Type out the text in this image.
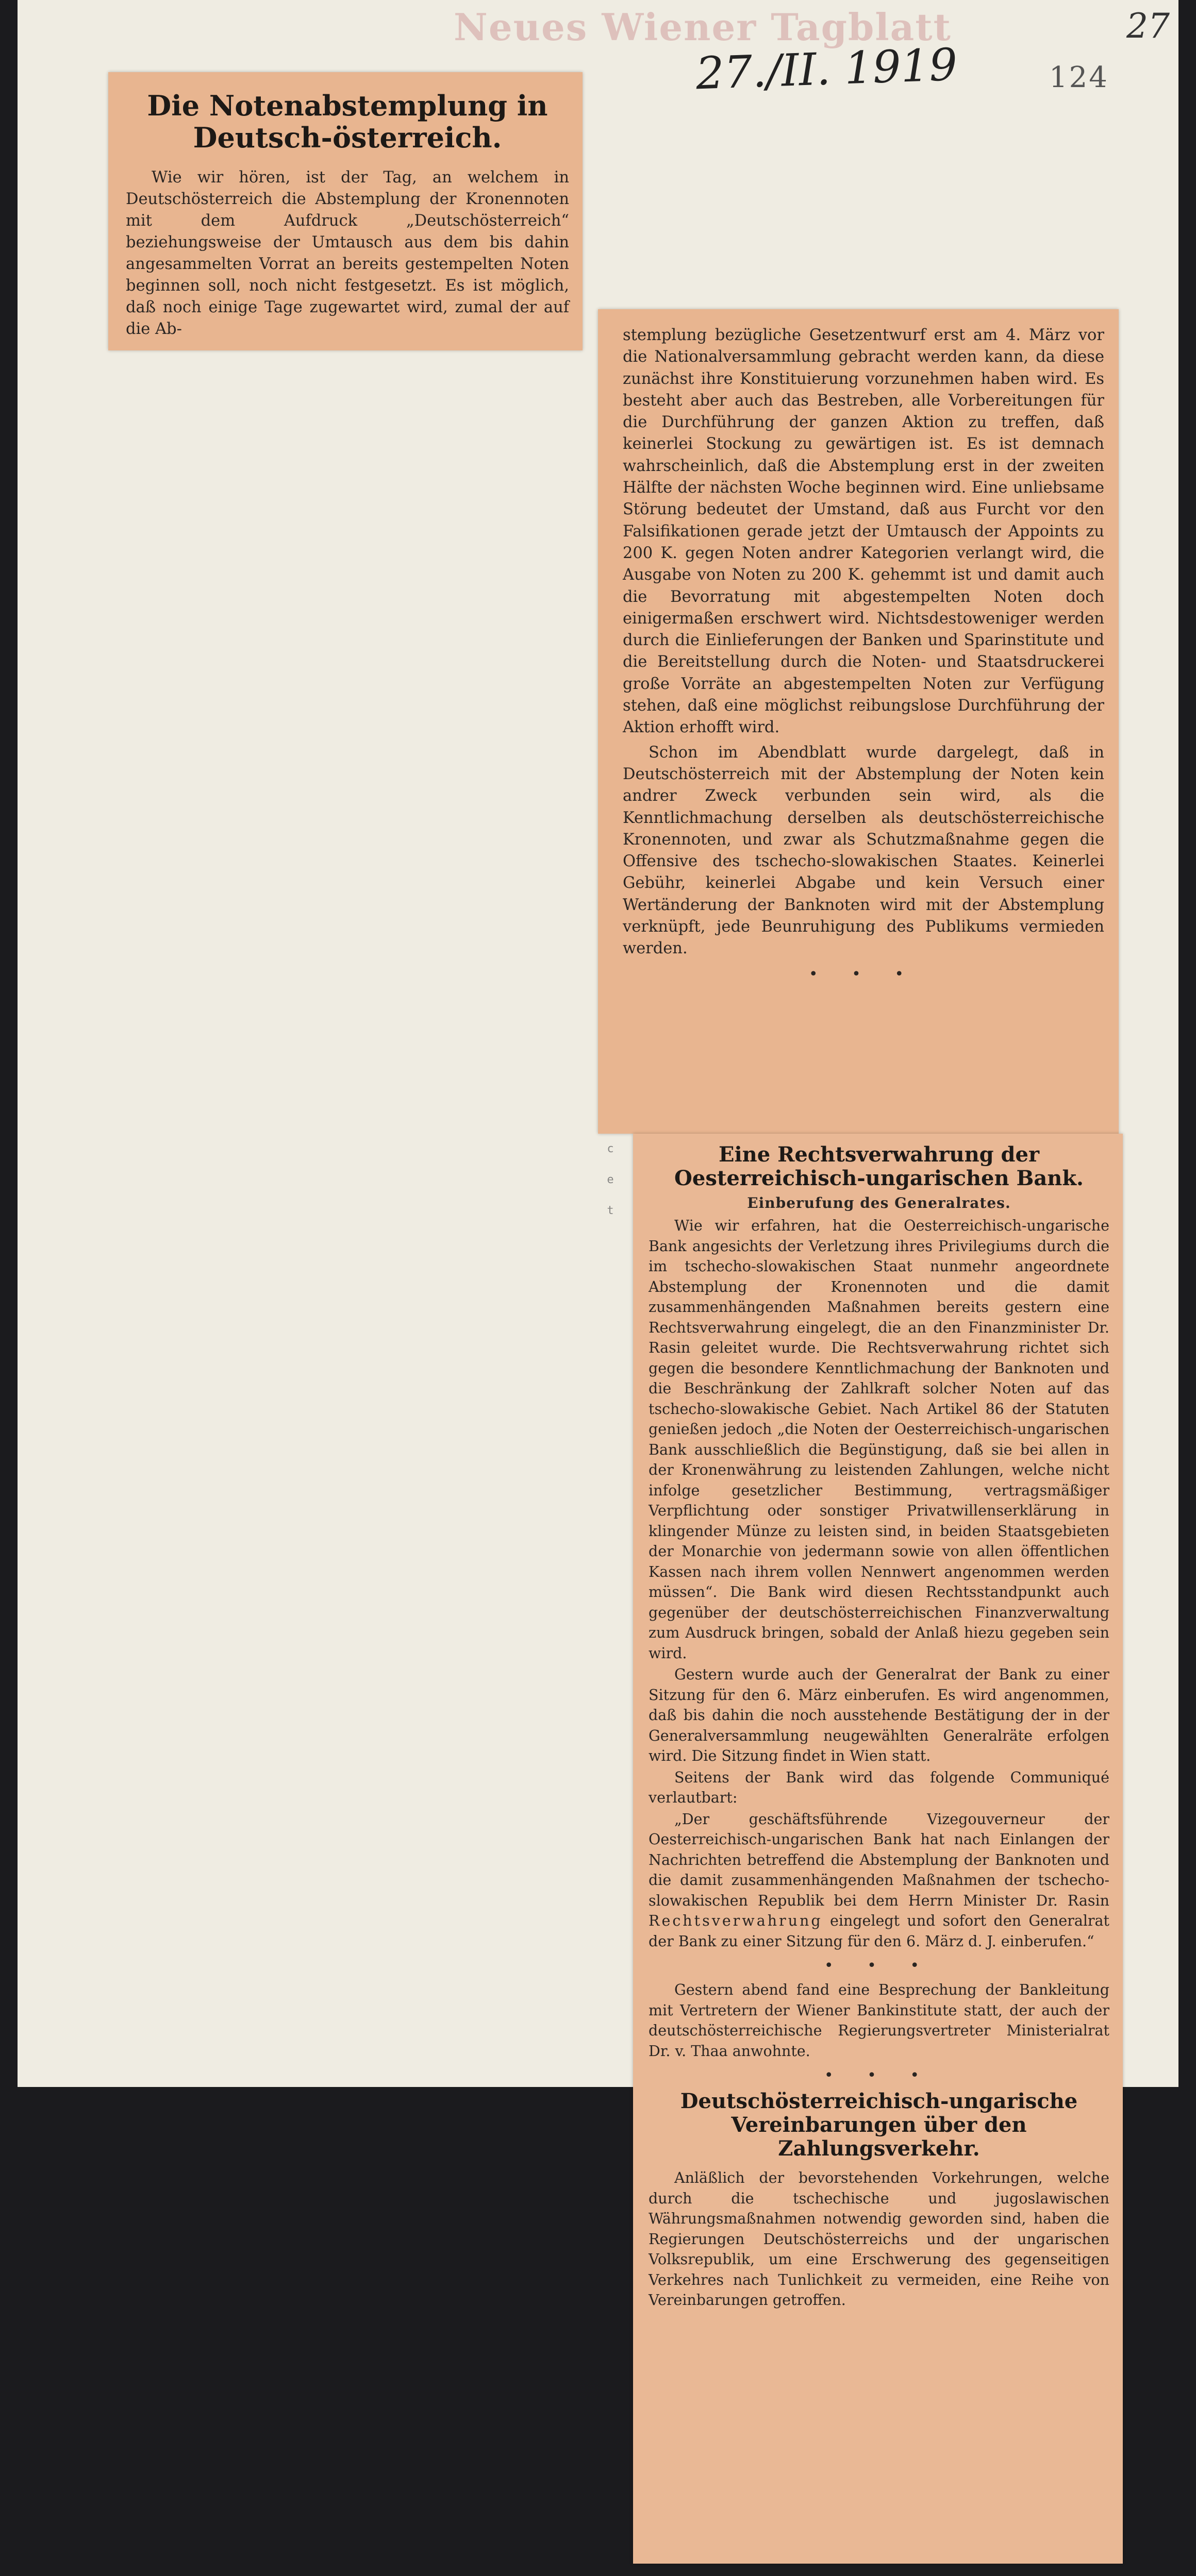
Neues Wiener Tagblatt
27./II. 1919
27
124
c e t
Die Notenabstemplung in Deutsch-österreich.

Wie wir hören, ist der Tag, an welchem in Deutschösterreich die Abstemplung der Kronennoten mit dem Aufdruck „Deutschösterreich“ beziehungsweise der Umtausch aus dem bis dahin angesammelten Vorrat an bereits gestempelten Noten beginnen soll, noch nicht festgesetzt. Es ist möglich, daß noch einige Tage zugewartet wird, zumal der auf die Ab-	stemplung bezügliche Gesetzentwurf erst am 4. März vor die Nationalversammlung gebracht werden kann, da diese zunächst ihre Konstituierung vorzunehmen haben wird. Es besteht aber auch das Bestreben, alle Vorbereitungen für die Durchführung der ganzen Aktion zu treffen, daß keinerlei Stockung zu gewärtigen ist. Es ist demnach wahrscheinlich, daß die Abstemplung erst in der zweiten Hälfte der nächsten Woche beginnen wird. Eine unliebsame Störung bedeutet der Umstand, daß aus Furcht vor den Falsifikationen gerade jetzt der Umtausch der Appoints zu 200 K. gegen Noten andrer Kategorien verlangt wird, die Ausgabe von Noten zu 200 K. gehemmt ist und damit auch die Bevorratung mit abgestempelten Noten doch einigermaßen erschwert wird. Nichtsdestoweniger werden durch die Einlieferungen der Banken und Sparinstitute und die Bereitstellung durch die Noten- und Staatsdruckerei große Vorräte an abgestempelten Noten zur Verfügung stehen, daß eine möglichst reibungslose Durchführung der Aktion erhofft wird.

Schon im Abendblatt wurde dargelegt, daß in Deutschösterreich mit der Abstemplung der Noten kein andrer Zweck verbunden sein wird, als die Kenntlichmachung derselben als deutschösterreichische Kronennoten, und zwar als Schutzmaßnahme gegen die Offensive des tschecho-slowakischen Staates. Keinerlei Gebühr, keinerlei Abgabe und kein Versuch einer Wertänderung der Banknoten wird mit der Abstemplung verknüpft, jede Beunruhigung des Publikums vermieden werden.

• • •
Eine Rechtsverwahrung der Oesterreichisch-ungarischen Bank.
Einberufung des Generalrates.

Wie wir erfahren, hat die Oesterreichisch-ungarische Bank angesichts der Verletzung ihres Privilegiums durch die im tschecho-slowakischen Staat nunmehr angeordnete Abstemplung der Kronennoten und die damit zusammenhängenden Maßnahmen bereits gestern eine Rechtsverwahrung eingelegt, die an den Finanzminister Dr. Rasin geleitet wurde. Die Rechtsverwahrung richtet sich gegen die besondere Kenntlichmachung der Banknoten und die Beschränkung der Zahlkraft solcher Noten auf das tschecho-slowakische Gebiet. Nach Artikel 86 der Statuten genießen jedoch „die Noten der Oesterreichisch-ungarischen Bank ausschließlich die Begünstigung, daß sie bei allen in der Kronenwährung zu leistenden Zahlungen, welche nicht infolge gesetzlicher Bestimmung, vertragsmäßiger Verpflichtung oder sonstiger Privatwillenserklärung in klingender Münze zu leisten sind, in beiden Staatsgebieten der Monarchie von jedermann sowie von allen öffentlichen Kassen nach ihrem vollen Nennwert angenommen werden müssen“. Die Bank wird diesen Rechtsstandpunkt auch gegenüber der deutschösterreichischen Finanzverwaltung zum Ausdruck bringen, sobald der Anlaß hiezu gegeben sein wird.

Gestern wurde auch der Generalrat der Bank zu einer Sitzung für den 6. März einberufen. Es wird angenommen, daß bis dahin die noch ausstehende Bestätigung der in der Generalversammlung neugewählten Generalräte erfolgen wird. Die Sitzung findet in Wien statt.

Seitens der Bank wird das folgende Communiqué verlautbart:

„Der geschäftsführende Vizegouverneur der Oesterreichisch-ungarischen Bank hat nach Einlangen der Nachrichten betreffend die Abstemplung der Banknoten und die damit zusammenhängenden Maßnahmen der tschecho-slowakischen Republik bei dem Herrn Minister Dr. Rasin Rechtsverwahrung eingelegt und sofort den Generalrat der Bank zu einer Sitzung für den 6. März d. J. einberufen.“

• • •

Gestern abend fand eine Besprechung der Bankleitung mit Vertretern der Wiener Bankinstitute statt, der auch der deutschösterreichische Regierungsvertreter Ministerialrat Dr. v. Thaa anwohnte.

• • •
Deutschösterreichisch-ungarische Vereinbarungen über den Zahlungsverkehr.

Anläßlich der bevorstehenden Vorkehrungen, welche durch die tschechische und jugoslawischen Währungsmaßnahmen notwendig geworden sind, haben die Regierungen Deutschösterreichs und der ungarischen Volksrepublik, um eine Erschwerung des gegenseitigen Verkehres nach Tunlichkeit zu vermeiden, eine Reihe von Vereinbarungen getroffen.
